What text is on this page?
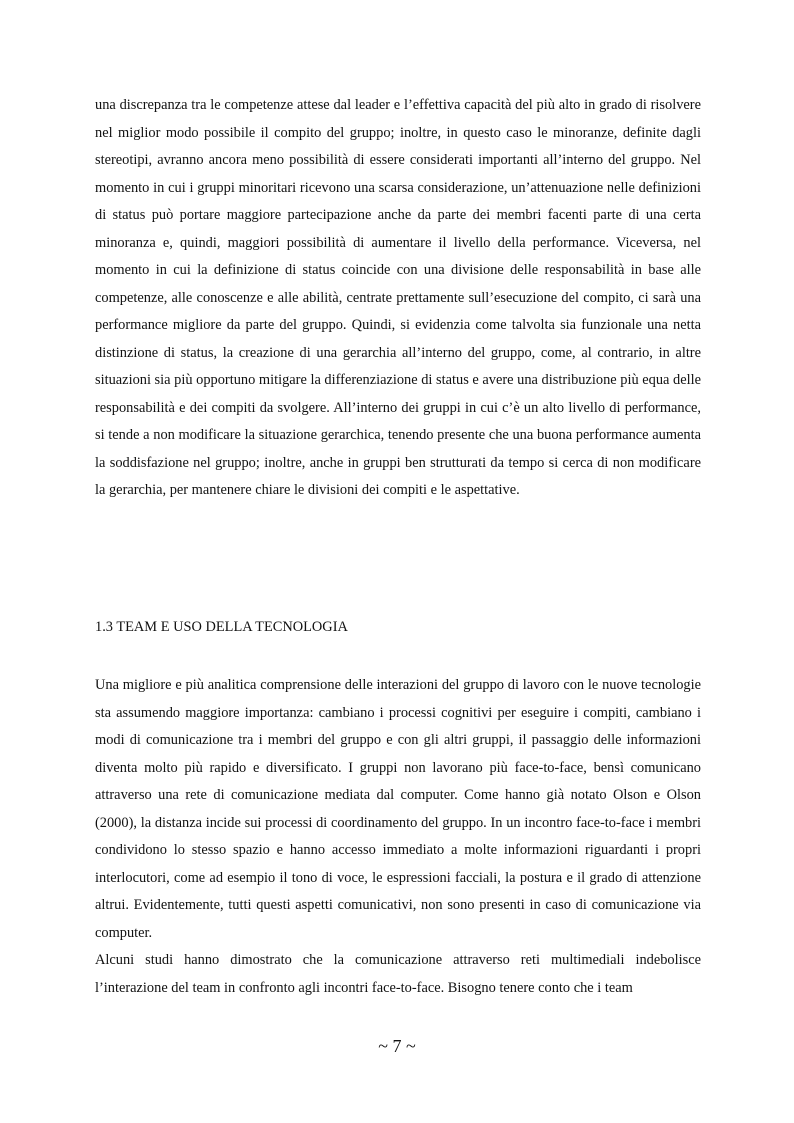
una discrepanza tra le competenze attese dal leader e l’effettiva capacità del più alto in grado di risolvere nel miglior modo possibile il compito del gruppo; inoltre, in questo caso le minoranze, definite dagli stereotipi, avranno ancora meno possibilità di essere considerati importanti all’interno del gruppo. Nel momento in cui i gruppi minoritari ricevono una scarsa considerazione, un’attenuazione nelle definizioni di status può portare maggiore partecipazione anche da parte dei membri facenti parte di una certa minoranza e, quindi, maggiori possibilità di aumentare il livello della performance. Viceversa, nel momento in cui la definizione di status coincide con una divisione delle responsabilità in base alle competenze, alle conoscenze e alle abilità, centrate prettamente sull’esecuzione del compito, ci sarà una performance migliore da parte del gruppo. Quindi, si evidenzia come talvolta sia funzionale una netta distinzione di status, la creazione di una gerarchia all’interno del gruppo, come, al contrario, in altre situazioni sia più opportuno mitigare la differenziazione di status e avere una distribuzione più equa delle responsabilità e dei compiti da svolgere. All’interno dei gruppi in cui c’è un alto livello di performance, si tende a non modificare la situazione gerarchica, tenendo presente che una buona performance aumenta la soddisfazione nel gruppo; inoltre, anche in gruppi ben strutturati da tempo si cerca di non modificare la gerarchia, per mantenere chiare le divisioni dei compiti e le aspettative.

1.3 TEAM E USO DELLA TECNOLOGIA

Una migliore e più analitica comprensione delle interazioni del gruppo di lavoro con le nuove tecnologie sta assumendo maggiore importanza: cambiano i processi cognitivi per eseguire i compiti, cambiano i modi di comunicazione tra i membri del gruppo e con gli altri gruppi, il passaggio delle informazioni diventa molto più rapido e diversificato. I gruppi non lavorano più face-to-face, bensì comunicano attraverso una rete di comunicazione mediata dal computer. Come hanno già notato Olson e Olson (2000), la distanza incide sui processi di coordinamento del gruppo. In un incontro face-to-face i membri condividono lo stesso spazio e hanno accesso immediato a molte informazioni riguardanti i propri interlocutori, come ad esempio il tono di voce, le espressioni facciali, la postura e il grado di attenzione altrui. Evidentemente, tutti questi aspetti comunicativi, non sono presenti in caso di comunicazione via computer.

Alcuni studi hanno dimostrato che la comunicazione attraverso reti multimediali indebolisce l’interazione del team in confronto agli incontri face-to-face. Bisogno tenere conto che i team

~ 7 ~
